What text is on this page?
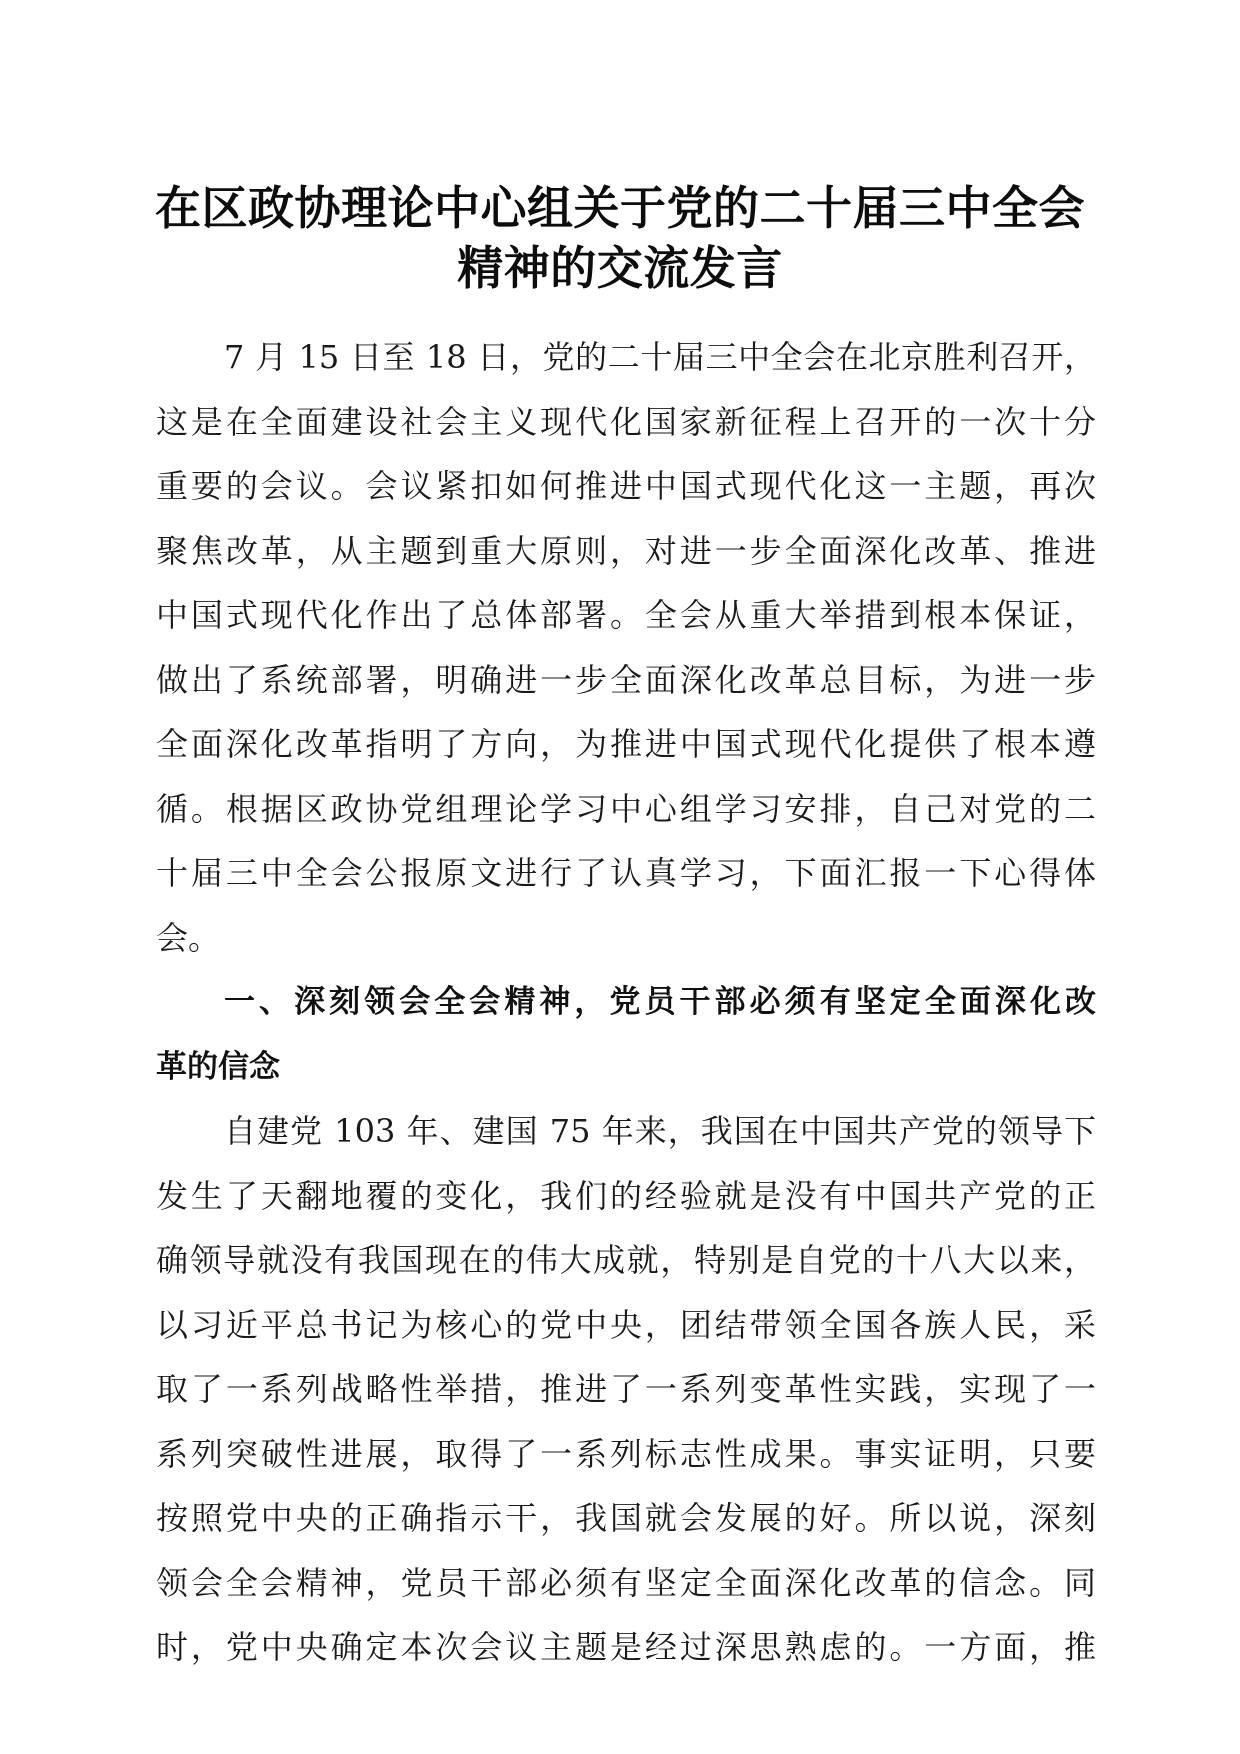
在区政协理论中心组关于党的二十届三中全会
精神的交流发言

7 月 15 日至 18 日，党的二十届三中全会在北京胜利召开，
这是在全面建设社会主义现代化国家新征程上召开的一次十分
重要的会议。会议紧扣如何推进中国式现代化这一主题，再次
聚焦改革，从主题到重大原则，对进一步全面深化改革、推进
中国式现代化作出了总体部署。全会从重大举措到根本保证，
做出了系统部署，明确进一步全面深化改革总目标，为进一步
全面深化改革指明了方向，为推进中国式现代化提供了根本遵
循。根据区政协党组理论学习中心组学习安排，自己对党的二
十届三中全会公报原文进行了认真学习，下面汇报一下心得体
会。

一、深刻领会全会精神，党员干部必须有坚定全面深化改
革的信念

自建党 103 年、建国 75 年来，我国在中国共产党的领导下
发生了天翻地覆的变化，我们的经验就是没有中国共产党的正
确领导就没有我国现在的伟大成就，特别是自党的十八大以来，
以习近平总书记为核心的党中央，团结带领全国各族人民，采
取了一系列战略性举措，推进了一系列变革性实践，实现了一
系列突破性进展，取得了一系列标志性成果。事实证明，只要
按照党中央的正确指示干，我国就会发展的好。所以说，深刻
领会全会精神，党员干部必须有坚定全面深化改革的信念。同
时，党中央确定本次会议主题是经过深思熟虑的。一方面，推
